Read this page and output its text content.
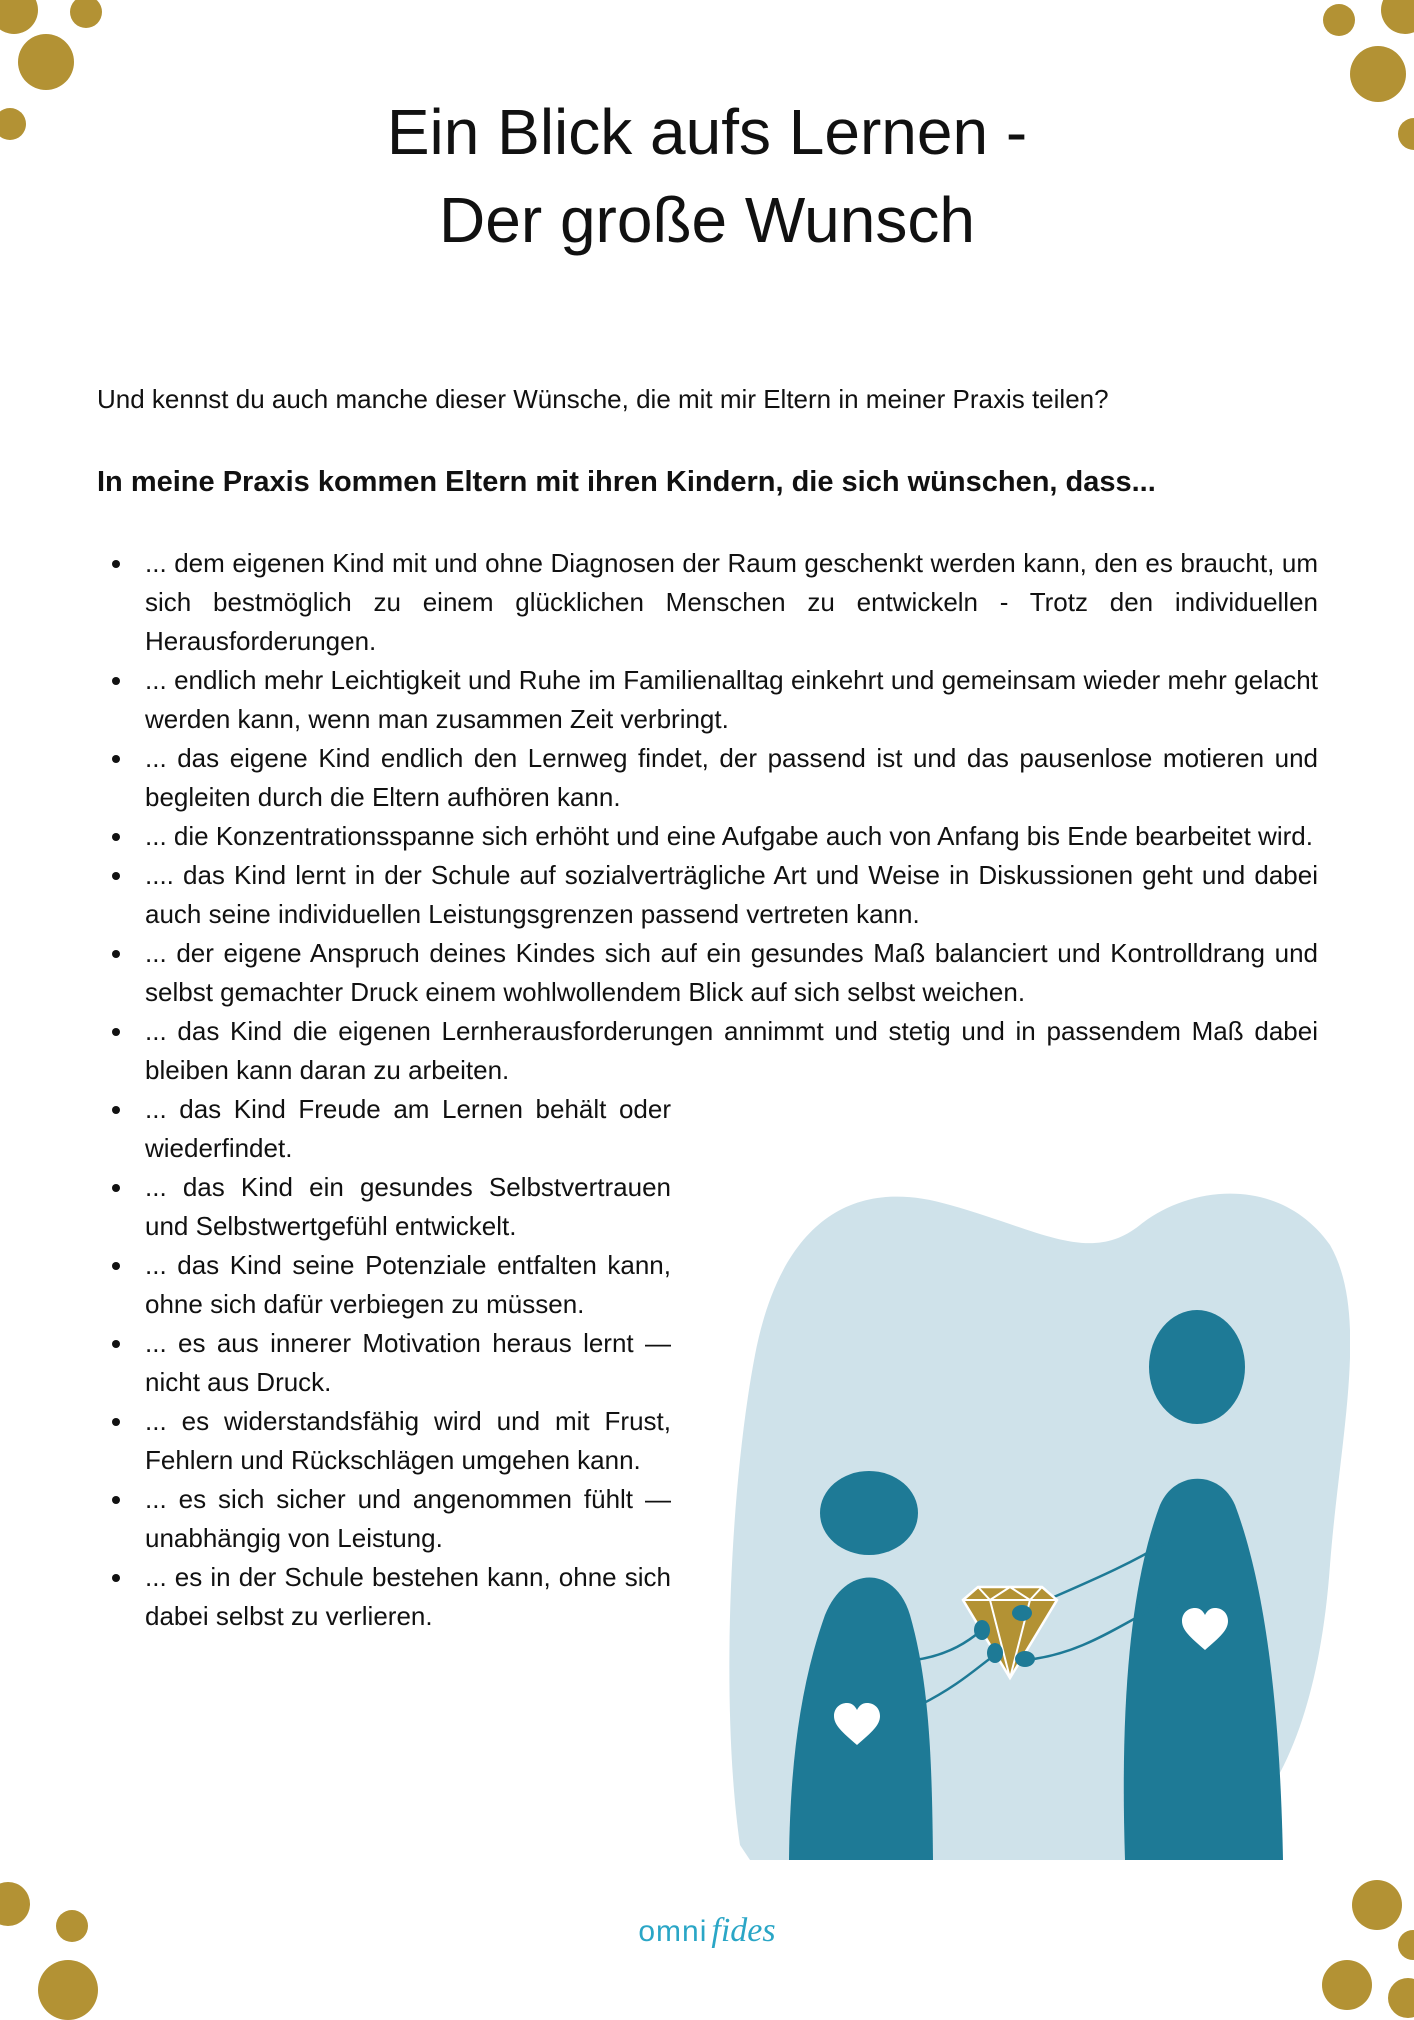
Ein Blick aufs Lernen -
Der große Wunsch

Und kennst du auch manche dieser Wünsche, die mit mir Eltern in meiner Praxis teilen?

In meine Praxis kommen Eltern mit ihren Kindern, die sich wünschen, dass...

... dem eigenen Kind mit und ohne Diagnosen der Raum geschenkt werden kann, den es braucht, um sich bestmöglich zu einem glücklichen Menschen zu entwickeln - Trotz den individuellen Herausforderungen.
... endlich mehr Leichtigkeit und Ruhe im Familienalltag einkehrt und gemeinsam wieder mehr gelacht werden kann, wenn man zusammen Zeit verbringt.
... das eigene Kind endlich den Lernweg findet, der passend ist und das pausenlose motieren und begleiten durch die Eltern aufhören kann.
... die Konzentrationsspanne sich erhöht und eine Aufgabe auch von Anfang bis Ende bearbeitet wird.
.... das Kind lernt in der Schule auf sozialverträgliche Art und Weise in Diskussionen geht und dabei auch seine individuellen Leistungsgrenzen passend vertreten kann.
... der eigene Anspruch deines Kindes sich auf ein gesundes Maß balanciert und Kontrolldrang und selbst gemachter Druck einem wohlwollendem Blick auf sich selbst weichen.
... das Kind die eigenen Lernherausforderungen annimmt und stetig und in passendem Maß dabei bleiben kann daran zu arbeiten.
... das Kind Freude am Lernen behält oder wiederfindet.
... das Kind ein gesundes Selbstvertrauen und Selbstwertgefühl entwickelt.
... das Kind seine Potenziale entfalten kann, ohne sich dafür verbiegen zu müssen.
... es aus innerer Motivation heraus lernt — nicht aus Druck.
... es widerstandsfähig wird und mit Frust, Fehlern und Rückschlägen umgehen kann.
... es sich sicher und angenommen fühlt — unabhängig von Leistung.
... es in der Schule bestehen kann, ohne sich dabei selbst zu verlieren.
omni fides
